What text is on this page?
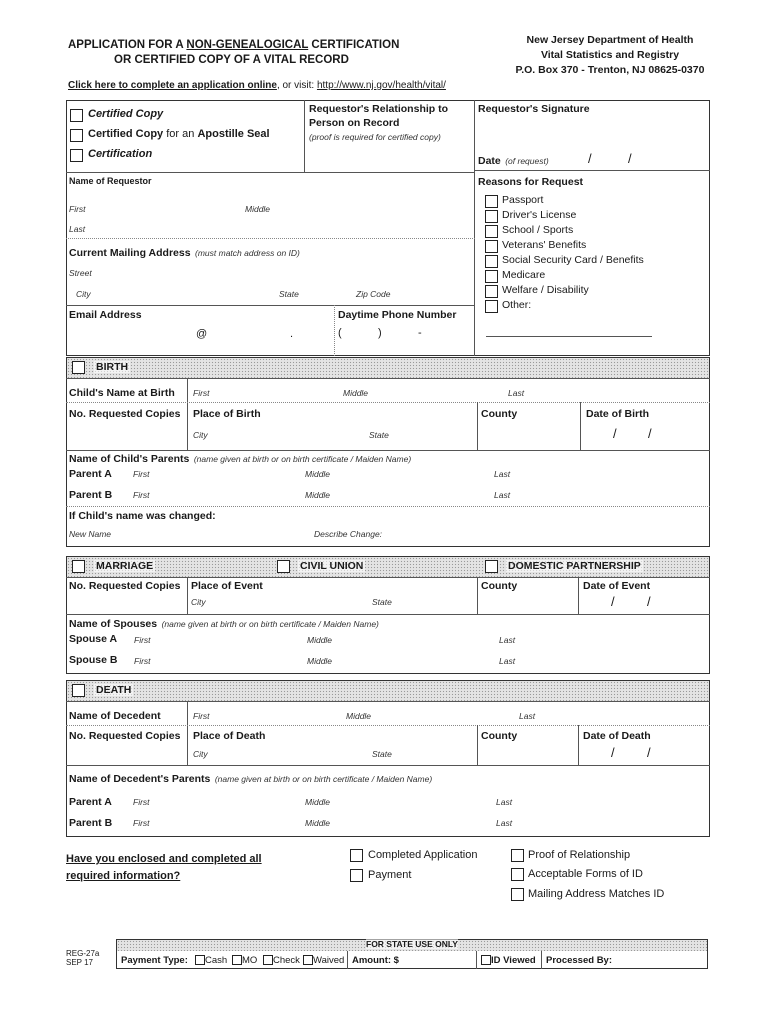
APPLICATION FOR A NON-GENEALOGICAL CERTIFICATION
OR CERTIFIED COPY OF A VITAL RECORD
New Jersey Department of Health
Vital Statistics and Registry
P.O. Box 370 - Trenton, NJ 08625-0370
Click here to complete an application online, or visit: http://www.nj.gov/health/vital/
Certified Copy
Certified Copy for an Apostille Seal
Certification
Requestor's Relationship to
Person on Record
(proof is required for certified copy)
Requestor's Signature
Date (of request)	/	/
Name of Requestor
First	Middle
Last
Current Mailing Address (must match address on ID)
Street
City	State	Zip Code
Email Address
@	.
Daytime Phone Number
(	)	-
Reasons for Request
Passport
Driver's License
School / Sports
Veterans' Benefits
Social Security Card / Benefits
Medicare
Welfare / Disability
Other:
BIRTH
Child's Name at Birth First	Middle	Last
No. Requested Copies Place of Birth
City	State
County	Date of Birth
/ /
Name of Child's Parents (name given at birth or on birth certificate / Maiden Name)
Parent A First	Middle	Last
Parent B First	Middle	Last
If Child's name was changed:
New Name	Describe Change:
MARRIAGE	CIVIL UNION	DOMESTIC PARTNERSHIP
No. Requested Copies Place of Event
City	State
County	Date of Event
/ /
Name of Spouses (name given at birth or on birth certificate / Maiden Name)
Spouse A First	Middle	Last
Spouse B First	Middle	Last
DEATH
Name of Decedent	First	Middle	Last
No. Requested Copies Place of Death
City	State
County	Date of Death
/ /
Name of Decedent's Parents (name given at birth or on birth certificate / Maiden Name)
Parent A First	Middle	Last
Parent B First	Middle	Last
Have you enclosed and completed all
required information?
Completed Application
Payment
Proof of Relationship
Acceptable Forms of ID
Mailing Address Matches ID
REG-27a
SEP 17
FOR STATE USE ONLY
Payment Type:	Cash	MO	Check	Waived Amount: $	ID Viewed Processed By:
